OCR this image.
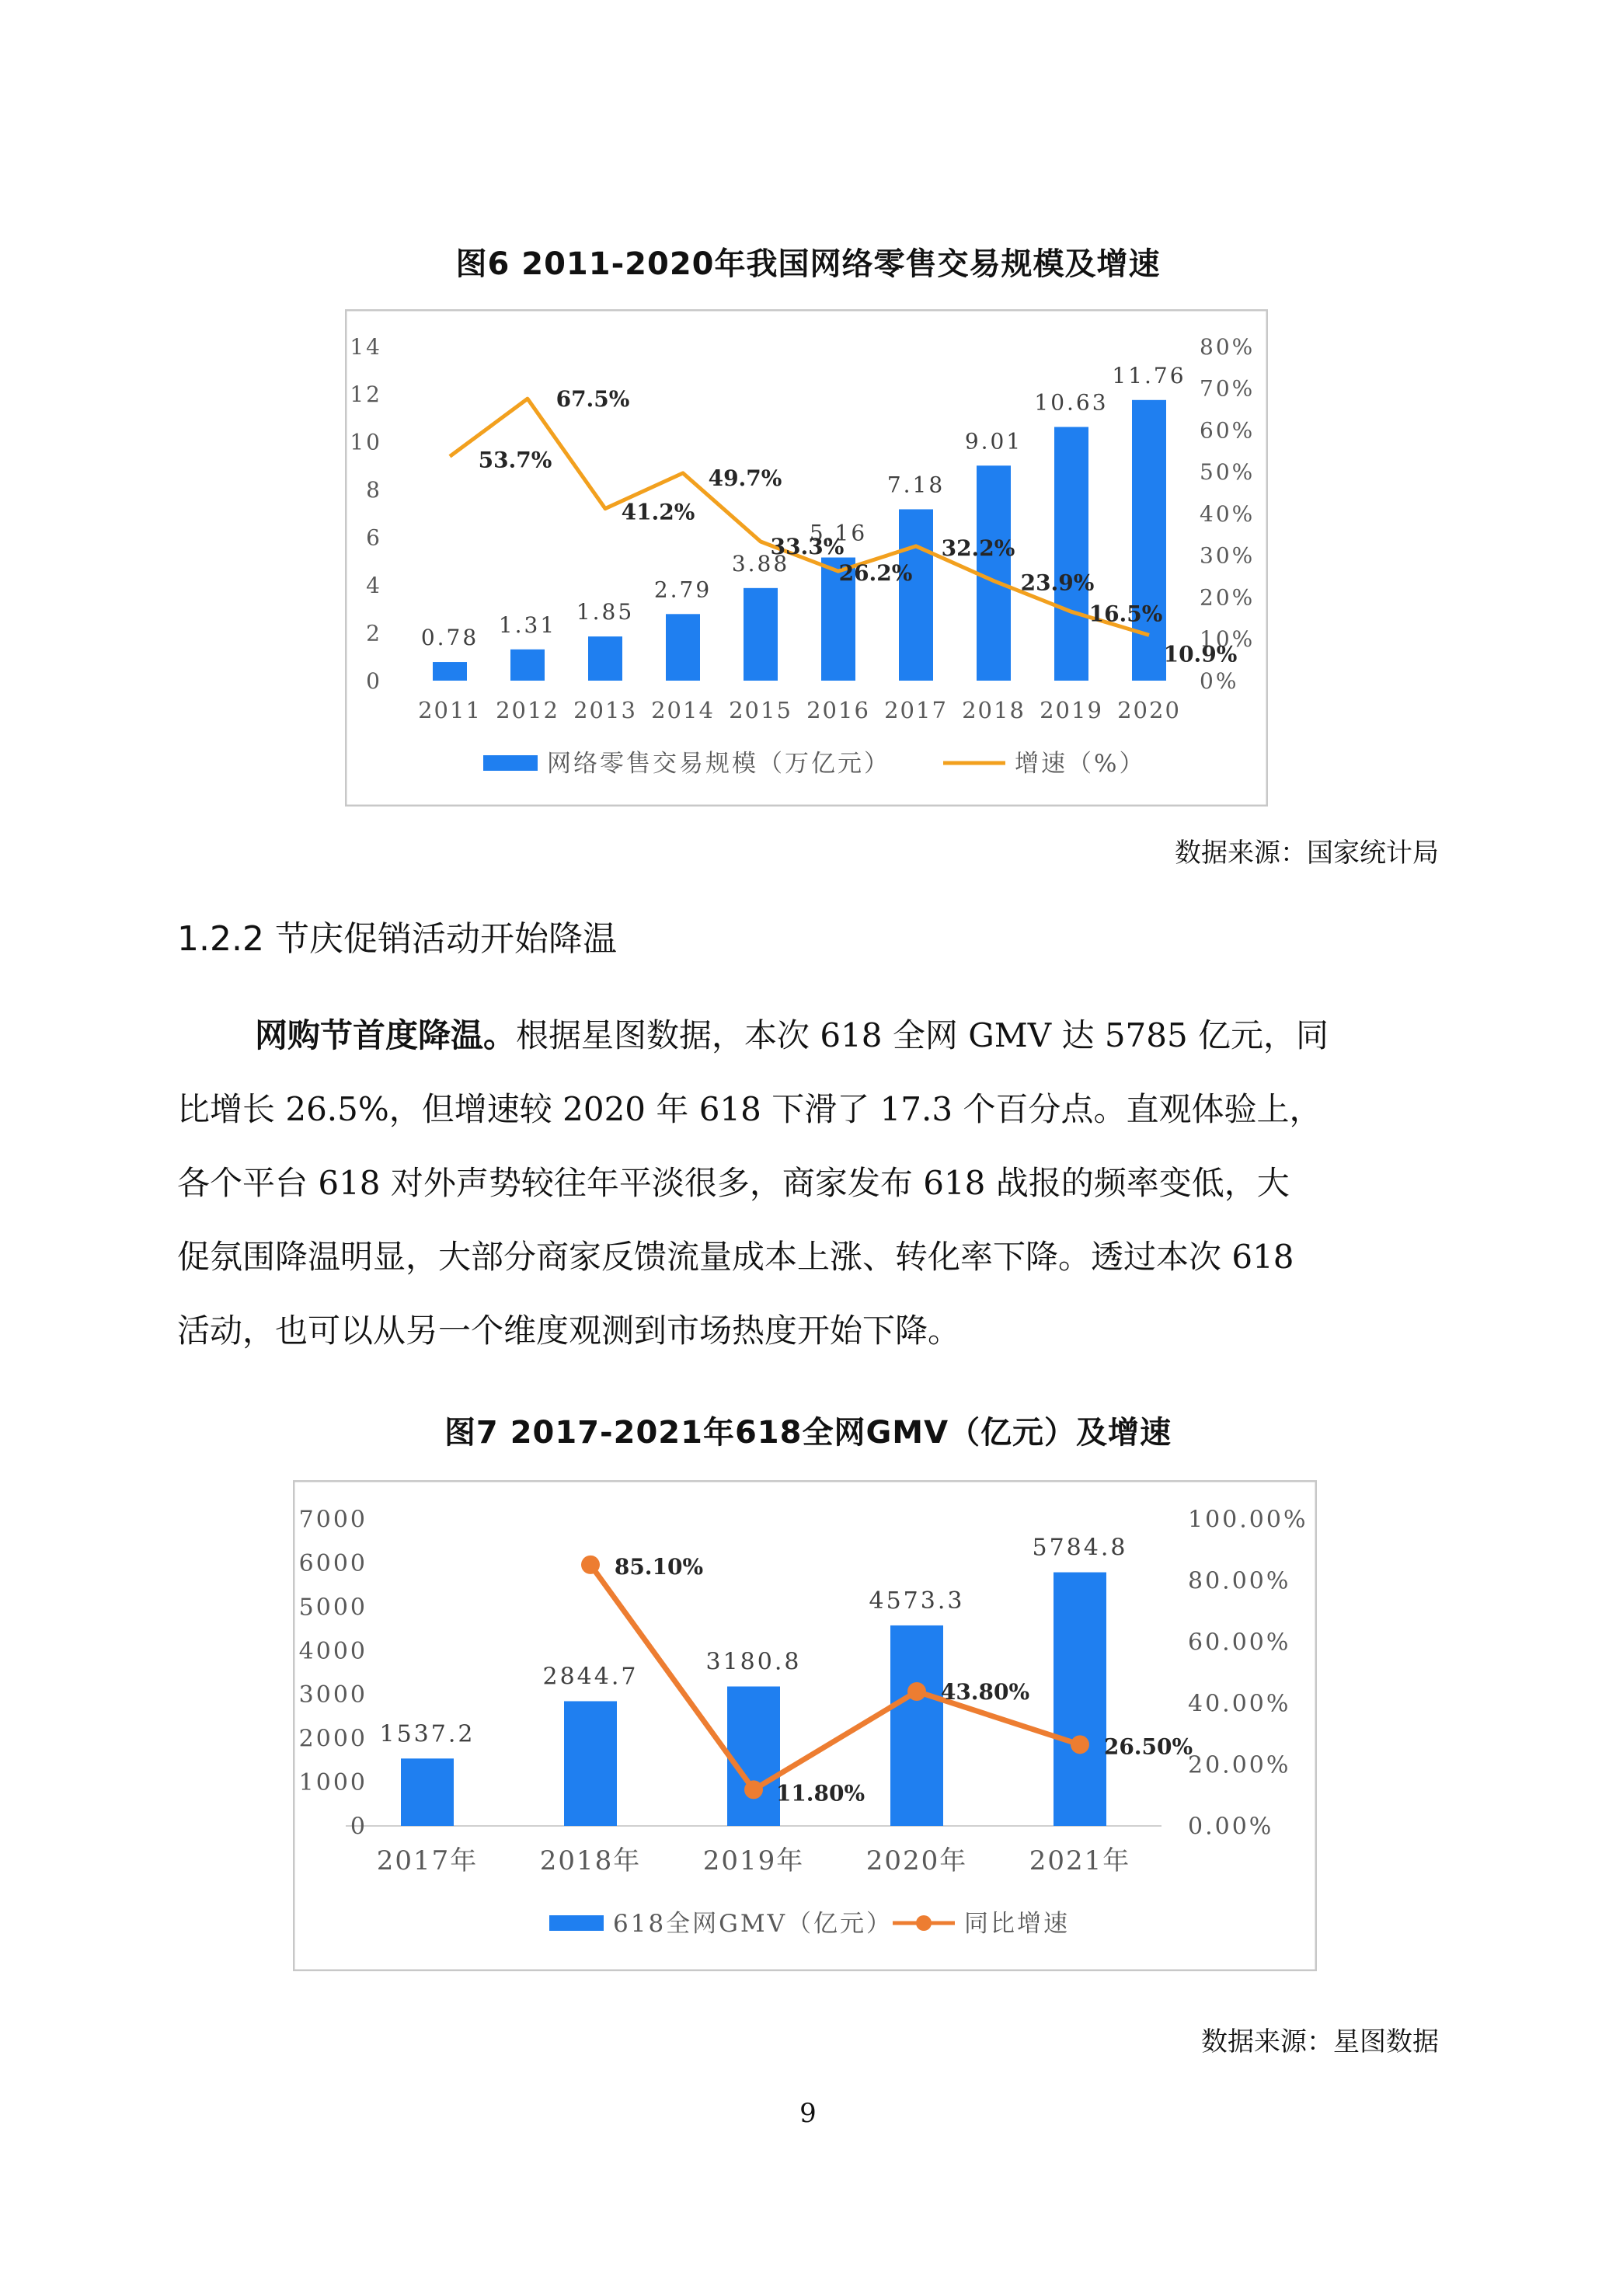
图6 2011-2020年我国网络零售交易规模及增速
0
2
4
6
8
10
12
14
0%
10%
20%
30%
40%
50%
60%
70%
80%
0.78
2011
1.31
2012
1.85
2013
2.79
2014
3.88
2015
5.16
2016
7.18
2017
9.01
2018
10.63
2019
11.76
2020
53.7%
67.5%
41.2%
49.7%
33.3%
26.2%
32.2%
23.9%
16.5%
10.9%
网络零售交易规模（万亿元）	增速（%）
数据来源：国家统计局
1.2.2 节庆促销活动开始降温
网购节首度降温。根据星图数据，本次 618 全网 GMV 达 5785 亿元，同
比增长 26.5%，但增速较 2020 年 618 下滑了 17.3 个百分点。直观体验上，
各个平台 618 对外声势较往年平淡很多，商家发布 618 战报的频率变低，大
促氛围降温明显，大部分商家反馈流量成本上涨、转化率下降。透过本次 618
活动，也可以从另一个维度观测到市场热度开始下降。
图7 2017-2021年618全网GMV（亿元）及增速
0
1000
2000
3000
4000
5000
6000
7000
0.00%
20.00%
40.00%
60.00%
80.00%
100.00%
1537.2
2017年
2844.7
2018年
3180.8
2019年
4573.3
2020年
5784.8
2021年
85.10%
11.80%
43.80%
26.50%
618全网GMV（亿元）	同比增速
数据来源：星图数据
9
